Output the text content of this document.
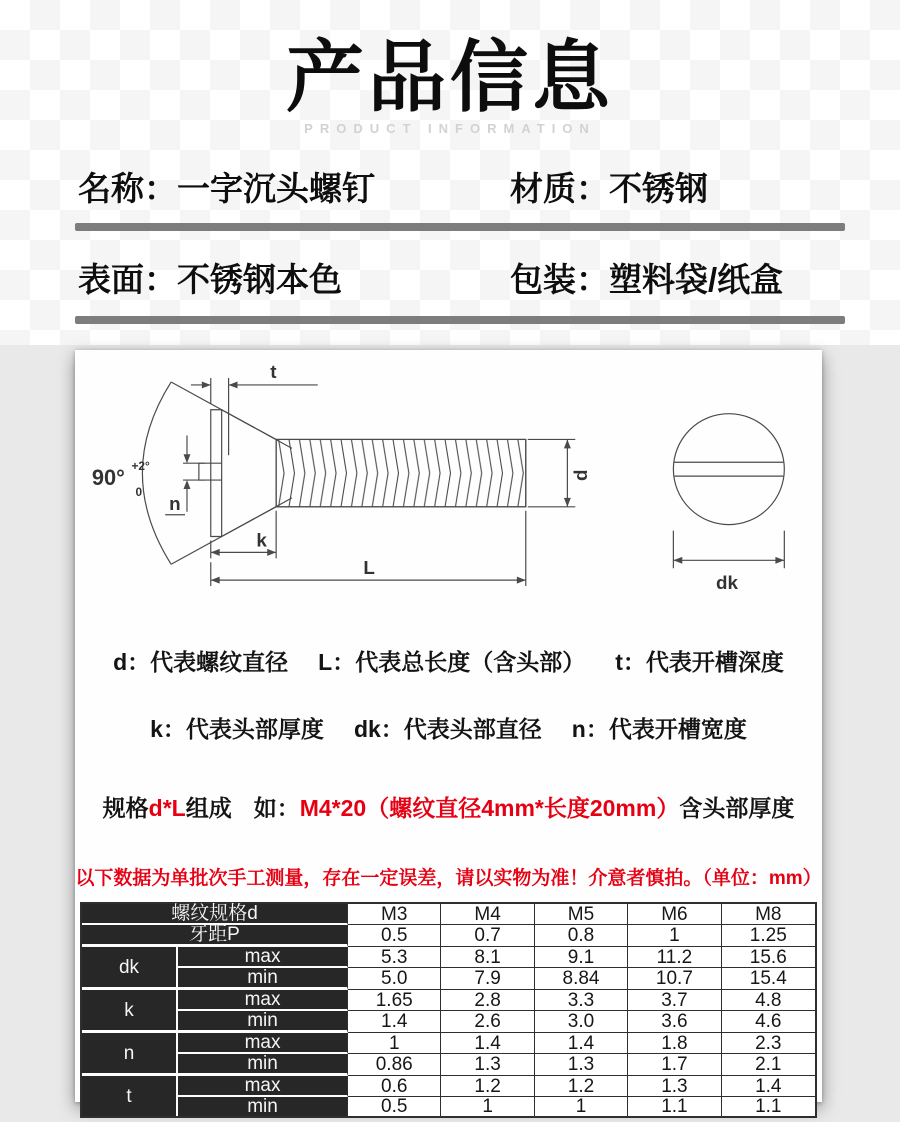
产品信息
PRODUCT INFORMATION
名称：一字沉头螺钉	材质：不锈钢
表面：不锈钢本色	包装：塑料袋/纸盒
t
n
k
L
d
dk
90° +2°
0
d：代表螺纹直径 L：代表总长度（含头部） t：代表开槽深度
k：代表头部厚度 dk：代表头部直径 n：代表开槽宽度
规格d*L组成 如：M4*20（螺纹直径4mm*长度20mm）含头部厚度
以下数据为单批次手工测量，存在一定误差，请以实物为准！介意者慎拍。（单位：mm）
螺纹规格d		M3	M4	M5	M6	M8
牙距P		0.5	0.7	0.8	1	1.25
dk	max	5.3	8.1	9.1	11.2	15.6
	min	5.0	7.9	8.84	10.7	15.4
k	max	1.65	2.8	3.3	3.7	4.8
	min	1.4	2.6	3.0	3.6	4.6
n	max	1	1.4	1.4	1.8	2.3
	min	0.86	1.3	1.3	1.7	2.1
t	max	0.6	1.2	1.2	1.3	1.4
	min	0.5	1	1	1.1	1.1
